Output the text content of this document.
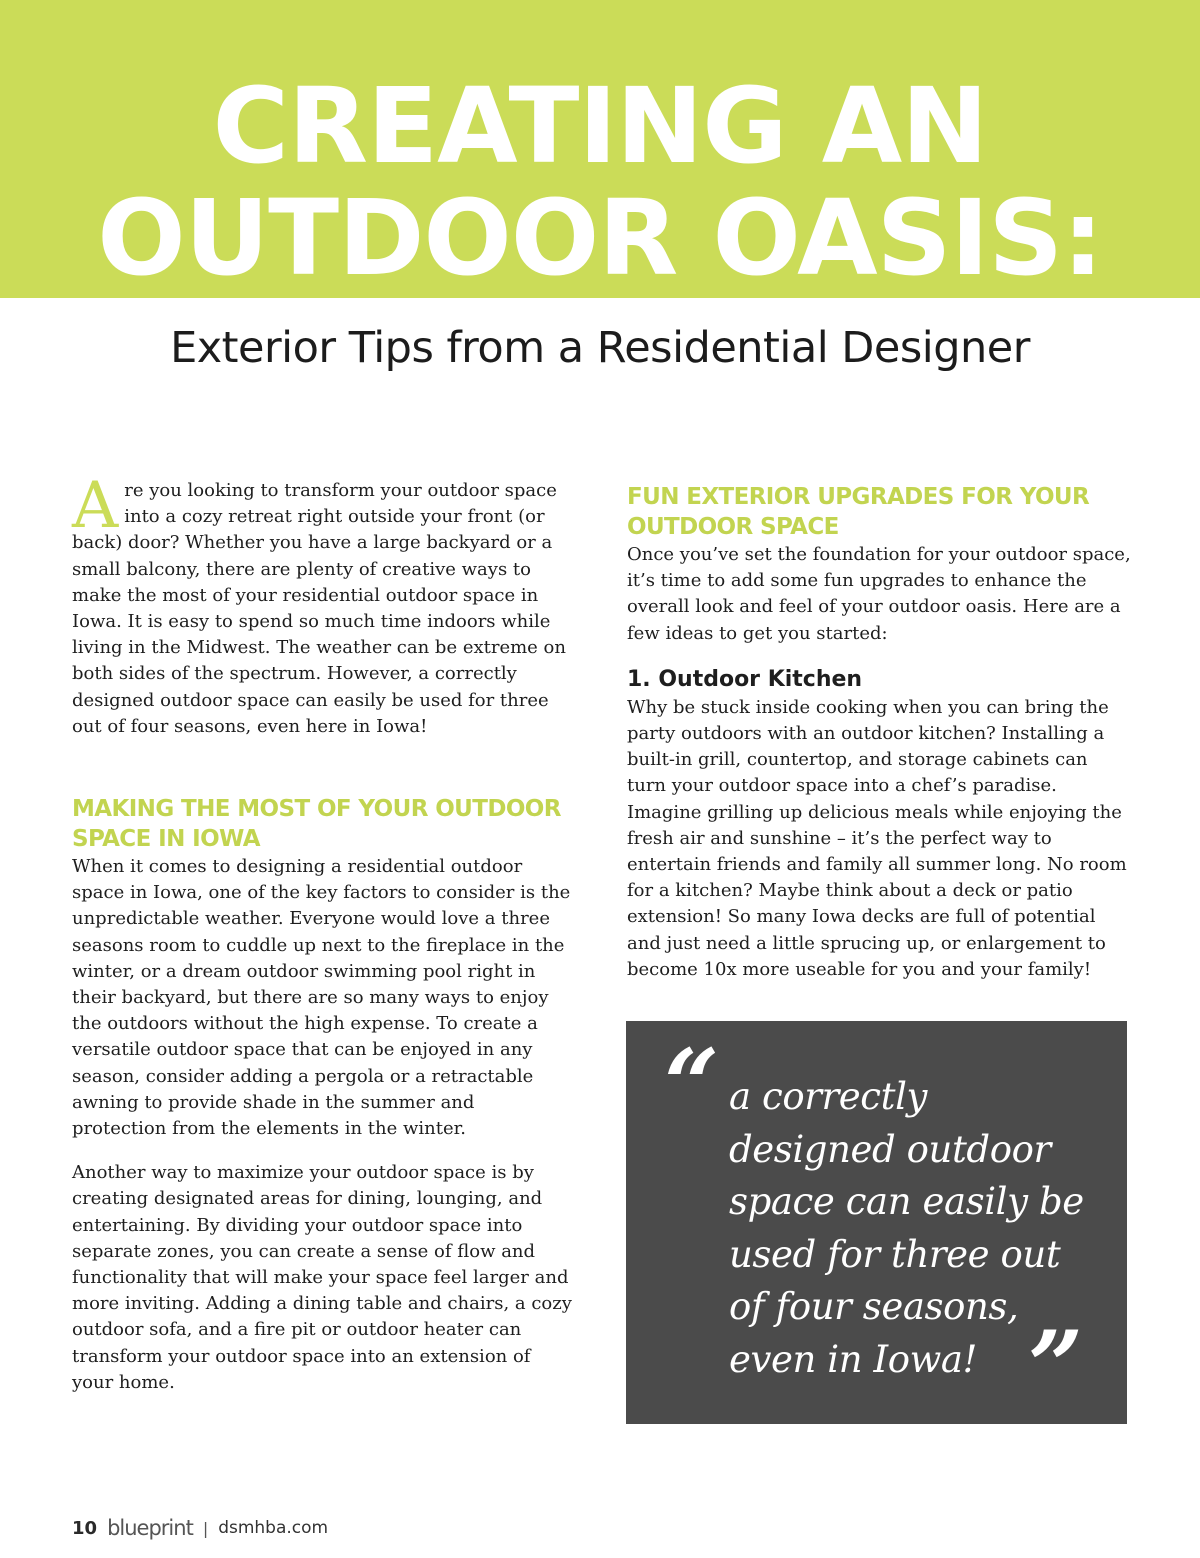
CREATING AN
OUTDOOR OASIS:
Exterior Tips from a Residential Designer

Are you looking to transform your outdoor space into a cozy retreat right outside your front (or back) door? Whether you have a large backyard or a small balcony, there are plenty of creative ways to make the most of your residential outdoor space in Iowa. It is easy to spend so much time indoors while living in the Midwest. The weather can be extreme on both sides of the spectrum. However, a correctly designed outdoor space can easily be used for three out of four seasons, even here in Iowa!

MAKING THE MOST OF YOUR OUTDOOR SPACE IN IOWA

When it comes to designing a residential outdoor space in Iowa, one of the key factors to consider is the unpredictable weather. Everyone would love a three seasons room to cuddle up next to the fireplace in the winter, or a dream outdoor swimming pool right in their backyard, but there are so many ways to enjoy the outdoors without the high expense. To create a versatile outdoor space that can be enjoyed in any season, consider adding a pergola or a retractable awning to provide shade in the summer and protection from the elements in the winter.

Another way to maximize your outdoor space is by creating designated areas for dining, lounging, and entertaining. By dividing your outdoor space into separate zones, you can create a sense of flow and functionality that will make your space feel larger and more inviting. Adding a dining table and chairs, a cozy outdoor sofa, and a fire pit or outdoor heater can transform your outdoor space into an extension of your home.

FUN EXTERIOR UPGRADES FOR YOUR OUTDOOR SPACE

Once you’ve set the foundation for your outdoor space, it’s time to add some fun upgrades to enhance the overall look and feel of your outdoor oasis. Here are a few ideas to get you started:

1. Outdoor Kitchen

Why be stuck inside cooking when you can bring the party outdoors with an outdoor kitchen? Installing a built-in grill, countertop, and storage cabinets can turn your outdoor space into a chef’s paradise. Imagine grilling up delicious meals while enjoying the fresh air and sunshine – it’s the perfect way to entertain friends and family all summer long. No room for a kitchen? Maybe think about a deck or patio extension! So many Iowa decks are full of potential and just need a little sprucing up, or enlargement to become 10x more useable for you and your family!

“ a correctly designed outdoor space can easily be used for three out of four seasons, even in Iowa! ”
10 blueprint | dsmhba.com
